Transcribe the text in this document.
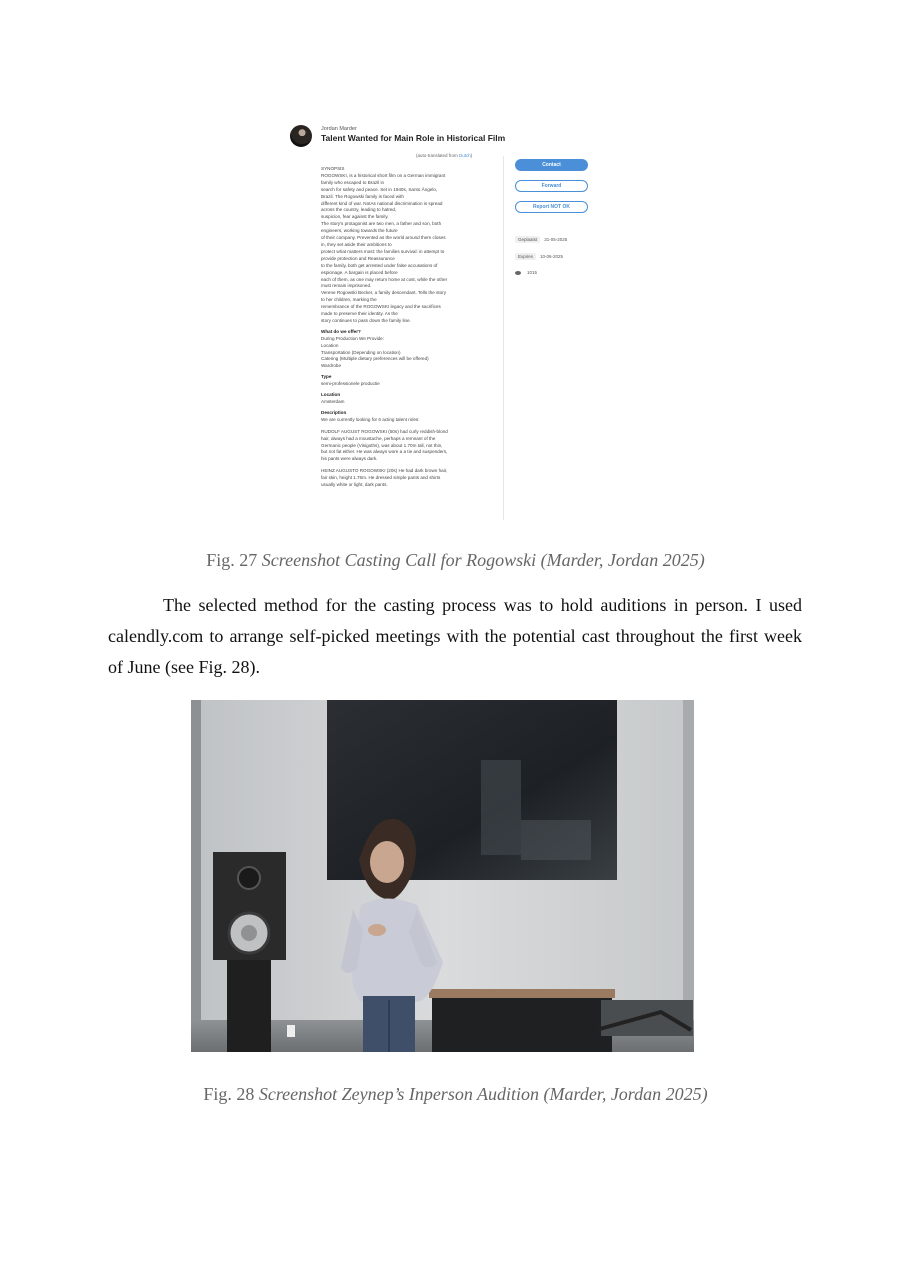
Jordan Marder
Talent Wanted for Main Role in Historical Film
(auto-translated from Dutch)
SYNOPSIS
ROGOWSKI, is a historical short film on a German immigrant
family who escaped to Brazil in
search for safety and peace. Set in 1940s, Santo Ângelo,
Brazil. The Rogowski family is faced with
different kind of war. NotAs national discrimination is spread
across the country, leading to hatred,
suspicion, fear against the family.
The story's protagonist are two men, a father and son, both
engineers, working towards the future
of their company. Prevented as the world around them closes
in, they set aside their ambitions to
protect what matters most: the families survival: in attempt to
provide protection and Reassurance
to the family, both get arrested under false accusations of
espionage. A bargain is placed before
each of them, as one may return home at cost, while the other
must remain imprisoned.
Verene Rogowski Becker, a family descendant. Tells the story
to her children, marking the
remembrance of the ROGOWSKI legacy and the sacrifices
made to preserve their identity. As the
story continues to pass down the family line.
What do we offer?
During Production We Provide:
Location
Transportation (Depending on location)
Catering (Multiple dietary preferences will be offered)
Wardrobe
Type
semi-professionele productie
Location
Amsterdam
Description
We are currently looking for 6 acting talent roles:
RUDOLF AUGUST ROGOWSKI (50s) had curly reddish-blond
hair, always had a moustache, perhaps a remnant of the
Germanic people (Visigoths), was about 1.70m tall, not thin,
but not fat either. He was always wore a a tie and suspenders,
his pants were always dark.
HEINZ AUGUSTO ROGOWSKI (20s) He had dark brown hair,
fair skin, height 1.75m. He dressed simple pants and shirts
usually white or light, dark pants.
Contact
Forward
Report NOT OK
Geplaatst 31-05-2025
Expires 10-06-2025
1015
Fig. 27 Screenshot Casting Call for Rogowski (Marder, Jordan 2025)
The selected method for the casting process was to hold auditions in person. I used calendly.com to arrange self-picked meetings with the potential cast throughout the first week of June (see Fig. 28).
Fig. 28 Screenshot Zeynep’s Inperson Audition (Marder, Jordan 2025)
